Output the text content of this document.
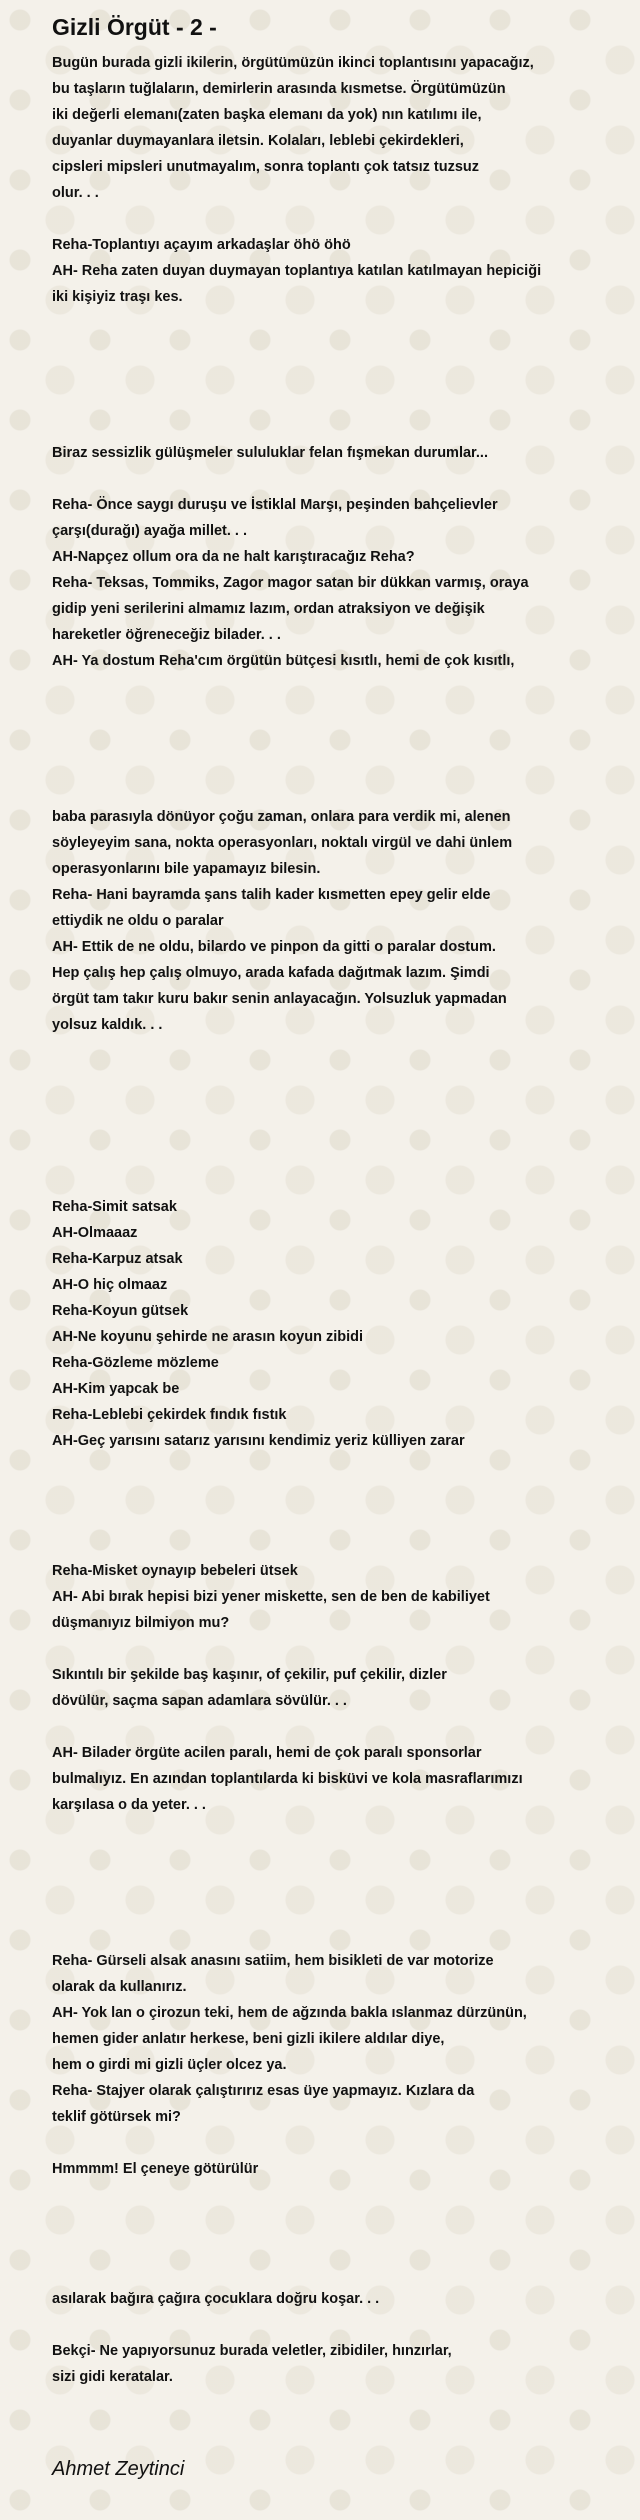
Gizli Örgüt - 2 -
Bugün burada gizli ikilerin, örgütümüzün ikinci toplantısını yapacağız,
bu taşların tuğlaların, demirlerin arasında kısmetse. Örgütümüzün
iki değerli elemanı(zaten başka elemanı da yok) nın katılımı ile,
duyanlar duymayanlara iletsin. Kolaları, leblebi çekirdekleri,
cipsleri mipsleri unutmayalım, sonra toplantı çok tatsız tuzsuz
olur. . .
Reha-Toplantıyı açayım arkadaşlar öhö öhö
AH- Reha zaten duyan duymayan toplantıya katılan katılmayan hepiciği
iki kişiyiz traşı kes.
Biraz sessizlik gülüşmeler sululuklar felan fışmekan durumlar...
Reha- Önce saygı duruşu ve İstiklal Marşı, peşinden bahçelievler
çarşı(durağı) ayağa millet. . .
AH-Napçez ollum ora da ne halt karıştıracağız Reha?
Reha- Teksas, Tommiks, Zagor magor satan bir dükkan varmış, oraya
gidip yeni serilerini almamız lazım, ordan atraksiyon ve değişik
hareketler öğreneceğiz bilader. . .
AH- Ya dostum Reha'cım örgütün bütçesi kısıtlı, hemi de çok kısıtlı,
baba parasıyla dönüyor çoğu zaman, onlara para verdik mi, alenen
söyleyeyim sana, nokta operasyonları, noktalı virgül ve dahi ünlem
operasyonlarını bile yapamayız bilesin.
Reha- Hani bayramda şans talih kader kısmetten epey gelir elde
ettiydik ne oldu o paralar
AH- Ettik de ne oldu, bilardo ve pinpon da gitti o paralar dostum.
Hep çalış hep çalış olmuyo, arada kafada dağıtmak lazım. Şimdi
örgüt tam takır kuru bakır senin anlayacağın. Yolsuzluk yapmadan
yolsuz kaldık. . .
Reha-Simit satsak
AH-Olmaaaz
Reha-Karpuz atsak
AH-O hiç olmaaz
Reha-Koyun gütsek
AH-Ne koyunu şehirde ne arasın koyun zibidi
Reha-Gözleme mözleme
AH-Kim yapcak be
Reha-Leblebi çekirdek fındık fıstık
AH-Geç yarısını satarız yarısını kendimiz yeriz külliyen zarar
Reha-Misket oynayıp bebeleri ütsek
AH- Abi bırak hepisi bizi yener miskette, sen de ben de kabiliyet
düşmanıyız bilmiyon mu?
Sıkıntılı bir şekilde baş kaşınır, of çekilir, puf çekilir, dizler
dövülür, saçma sapan adamlara sövülür. . .
AH- Bilader örgüte acilen paralı, hemi de çok paralı sponsorlar
bulmalıyız. En azından toplantılarda ki bisküvi ve kola masraflarımızı
karşılasa o da yeter. . .
Reha- Gürseli alsak anasını satiim, hem bisikleti de var motorize
olarak da kullanırız.
AH- Yok lan o çirozun teki, hem de ağzında bakla ıslanmaz dürzünün,
hemen gider anlatır herkese, beni gizli ikilere aldılar diye,
hem o girdi mi gizli üçler olcez ya.
Reha- Stajyer olarak çalıştırırız esas üye yapmayız. Kızlara da
teklif götürsek mi?
Hmmmm! El çeneye götürülür
asılarak bağıra çağıra çocuklara doğru koşar. . .
Bekçi- Ne yapıyorsunuz burada veletler, zibidiler, hınzırlar,
sizi gidi keratalar.
Ahmet Zeytinci
